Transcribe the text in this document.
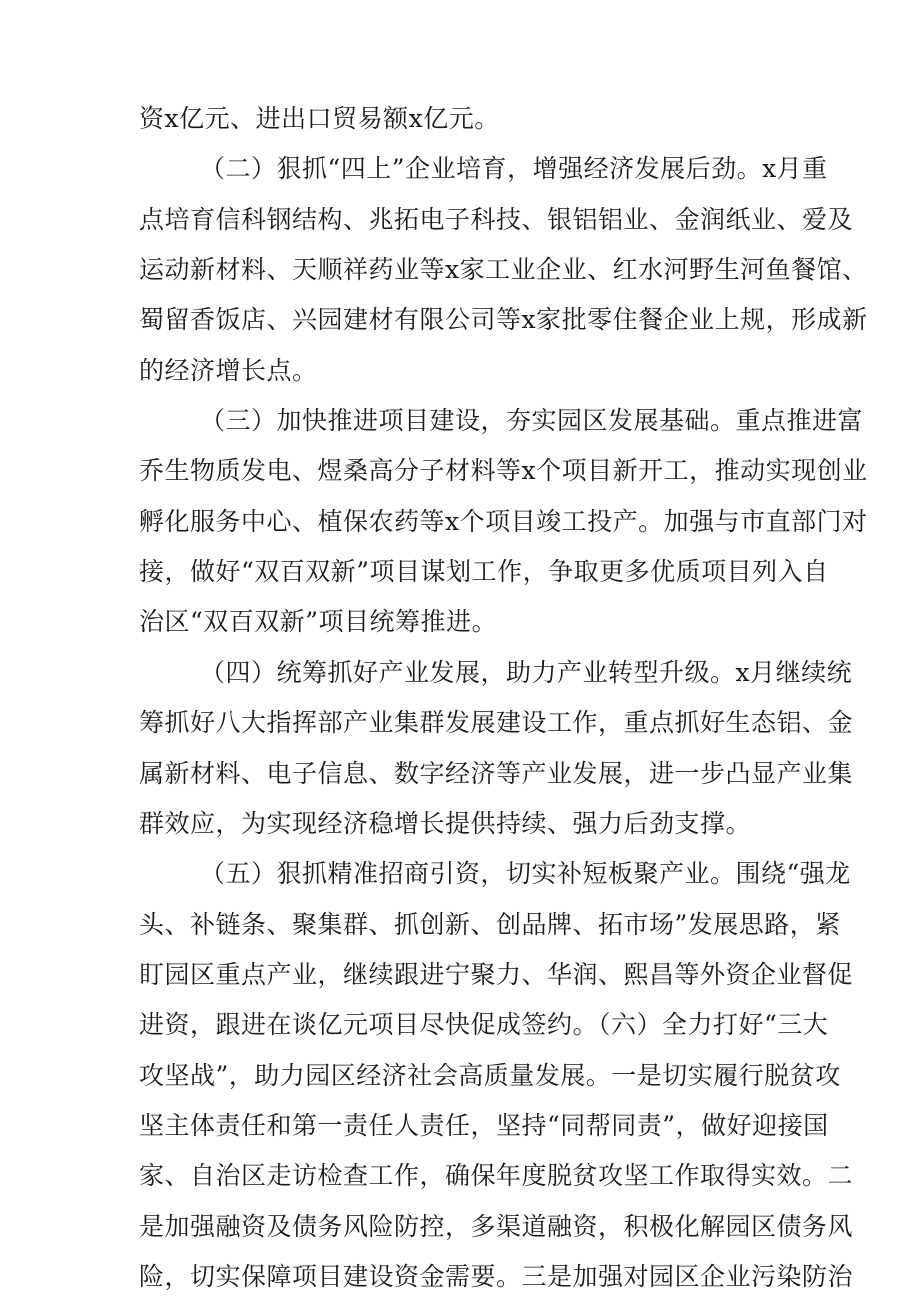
资x亿元、进出口贸易额x亿元。
（二）狠抓“四上”企业培育，增强经济发展后劲。x月重
点培育信科钢结构、兆拓电子科技、银铝铝业、金润纸业、爱及
运动新材料、天顺祥药业等x家工业企业、红水河野生河鱼餐馆、
蜀留香饭店、兴园建材有限公司等x家批零住餐企业上规，形成新
的经济增长点。
（三）加快推进项目建设，夯实园区发展基础。重点推进富
乔生物质发电、煜桑高分子材料等x个项目新开工，推动实现创业
孵化服务中心、植保农药等x个项目竣工投产。加强与市直部门对
接，做好“双百双新”项目谋划工作，争取更多优质项目列入自
治区“双百双新”项目统筹推进。
（四）统筹抓好产业发展，助力产业转型升级。x月继续统
筹抓好八大指挥部产业集群发展建设工作，重点抓好生态铝、金
属新材料、电子信息、数字经济等产业发展，进一步凸显产业集
群效应，为实现经济稳增长提供持续、强力后劲支撑。
（五）狠抓精准招商引资，切实补短板聚产业。围绕“强龙
头、补链条、聚集群、抓创新、创品牌、拓市场”发展思路，紧
盯园区重点产业，继续跟进宁聚力、华润、熙昌等外资企业督促
进资，跟进在谈亿元项目尽快促成签约。（六）全力打好“三大
攻坚战”，助力园区经济社会高质量发展。一是切实履行脱贫攻
坚主体责任和第一责任人责任，坚持“同帮同责”，做好迎接国
家、自治区走访检查工作，确保年度脱贫攻坚工作取得实效。二
是加强融资及债务风险防控，多渠道融资，积极化解园区债务风
险，切实保障项目建设资金需要。三是加强对园区企业污染防治
